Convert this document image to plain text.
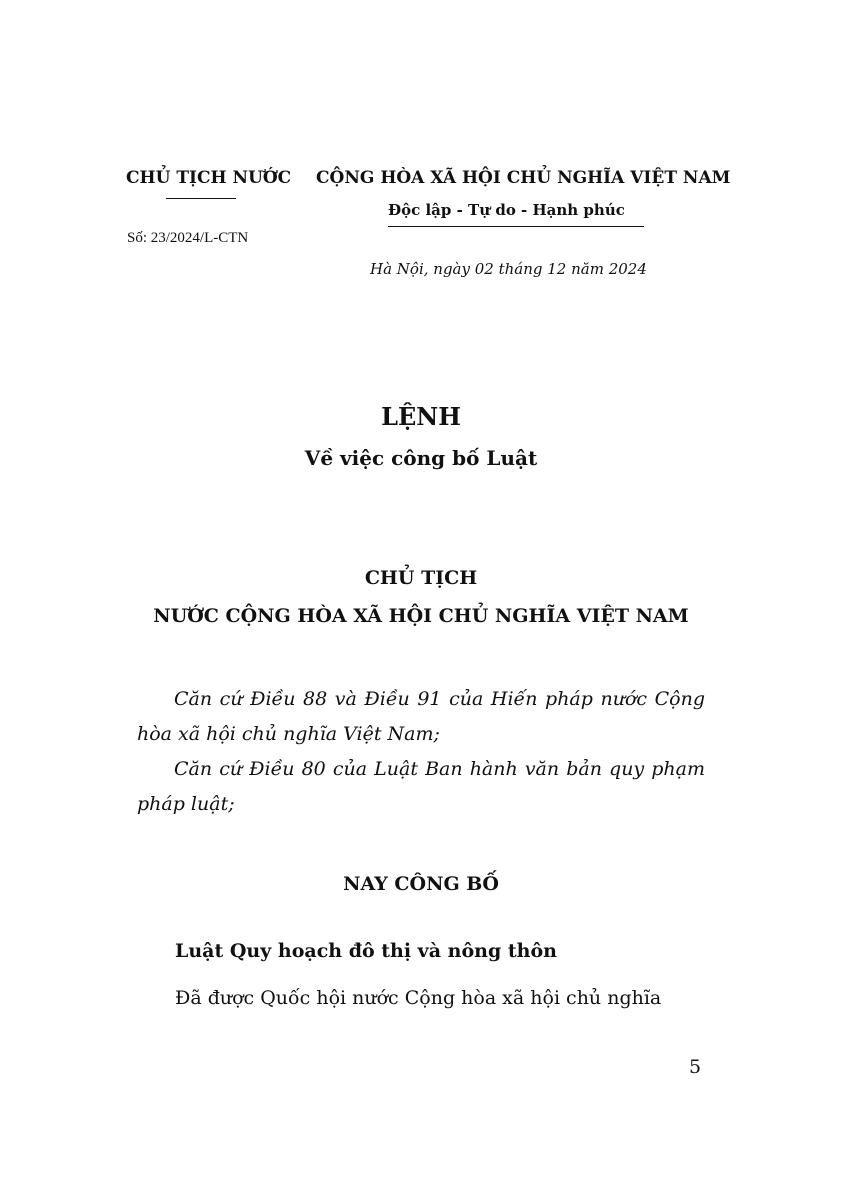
CHỦ TỊCH NƯỚC
Số: 23/2024/L-CTN
CỘNG HÒA XÃ HỘI CHỦ NGHĨA VIỆT NAM
Độc lập - Tự do - Hạnh phúc
Hà Nội, ngày 02 tháng 12 năm 2024
LỆNH
Về việc công bố Luật
CHỦ TỊCH
NƯỚC CỘNG HÒA XÃ HỘI CHỦ NGHĨA VIỆT NAM

Căn cứ Điều 88 và Điều 91 của Hiến pháp nước Cộng hòa xã hội chủ nghĩa Việt Nam;

Căn cứ Điều 80 của Luật Ban hành văn bản quy phạm pháp luật;

NAY CÔNG BỐ
Luật Quy hoạch đô thị và nông thôn
Đã được Quốc hội nước Cộng hòa xã hội chủ nghĩa
5
